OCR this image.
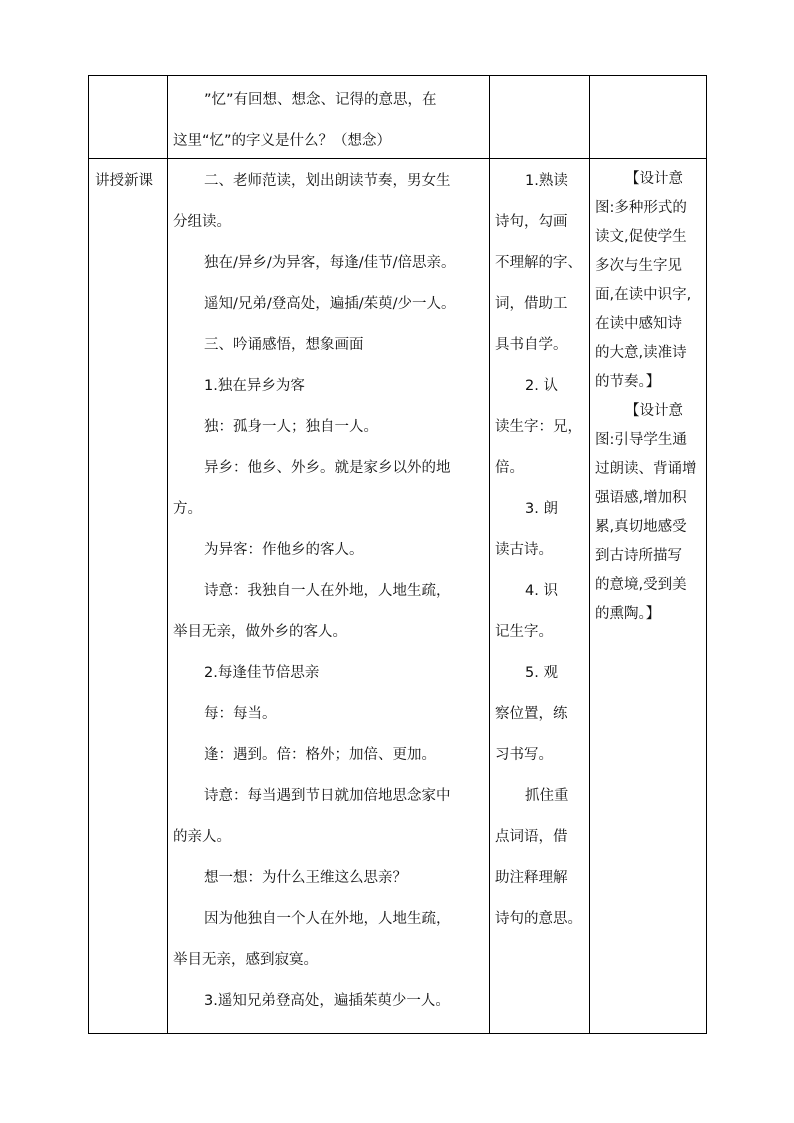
”忆”有回想、想念、记得的意思，在
这里“忆”的字义是什么？（想念）
讲授新课	二、老师范读，划出朗读节奏，男女生
分组读。
独在/异乡/为异客，每逢/佳节/倍思亲。
遥知/兄弟/登高处，遍插/茱萸/少一人。
三、吟诵感悟，想象画面
1.独在异乡为客
独：孤身一人；独自一人。
异乡：他乡、外乡。就是家乡以外的地
方。
为异客：作他乡的客人。
诗意：我独自一人在外地，人地生疏，
举目无亲，做外乡的客人。
2.每逢佳节倍思亲
每：每当。
逢：遇到。倍：格外；加倍、更加。
诗意：每当遇到节日就加倍地思念家中
的亲人。
想一想：为什么王维这么思亲？
因为他独自一个人在外地，人地生疏，
举目无亲，感到寂寞。
3.遥知兄弟登高处，遍插茱萸少一人。
1.熟读
诗句，勾画
不理解的字、
词，借助工
具书自学。
2. 认
读生字：兄，
倍。
3. 朗
读古诗。
4. 识
记生字。
5. 观
察位置，练
习书写。
抓住重
点词语，借
助注释理解
诗句的意思。
【设计意
图:多种形式的
读文,促使学生
多次与生字见
面,在读中识字,
在读中感知诗
的大意,读准诗
的节奏。】
【设计意
图:引导学生通
过朗读、背诵增
强语感,增加积
累,真切地感受
到古诗所描写
的意境,受到美
的熏陶。】
